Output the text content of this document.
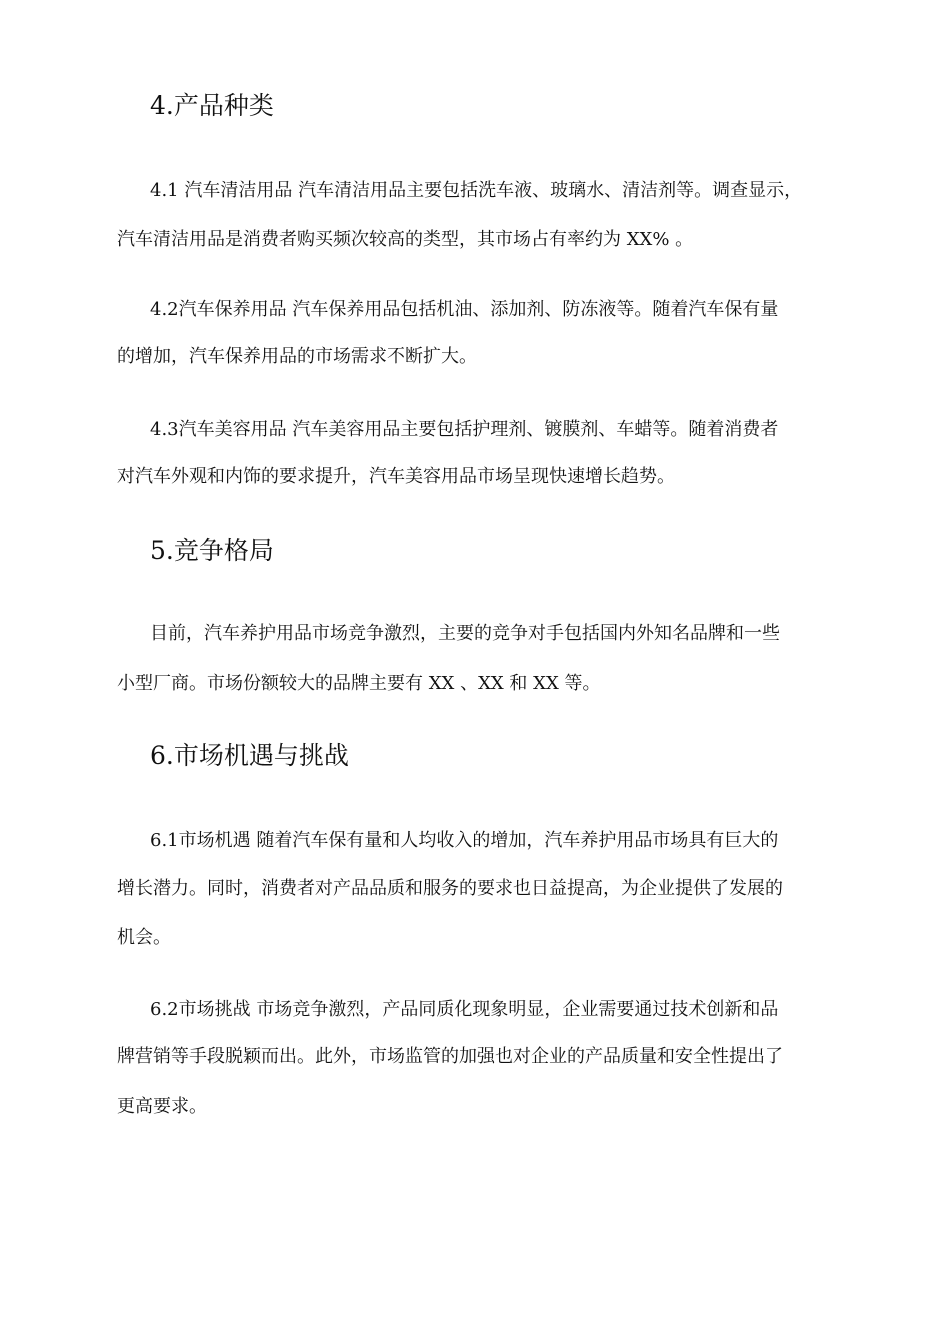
4.产品种类
4.1 汽车清洁用品 汽车清洁用品主要包括洗车液、玻璃水、清洁剂等。调查显示，
汽车清洁用品是消费者购买频次较高的类型，其市场占有率约为 XX% 。
4.2汽车保养用品 汽车保养用品包括机油、添加剂、防冻液等。随着汽车保有量
的增加，汽车保养用品的市场需求不断扩大。
4.3汽车美容用品 汽车美容用品主要包括护理剂、镀膜剂、车蜡等。随着消费者
对汽车外观和内饰的要求提升，汽车美容用品市场呈现快速增长趋势。
5.竞争格局
目前，汽车养护用品市场竞争激烈，主要的竞争对手包括国内外知名品牌和一些
小型厂商。市场份额较大的品牌主要有 XX 、XX 和 XX 等。
6.市场机遇与挑战
6.1市场机遇 随着汽车保有量和人均收入的增加，汽车养护用品市场具有巨大的
增长潜力。同时，消费者对产品品质和服务的要求也日益提高，为企业提供了发展的
机会。
6.2市场挑战 市场竞争激烈，产品同质化现象明显，企业需要通过技术创新和品
牌营销等手段脱颖而出。此外，市场监管的加强也对企业的产品质量和安全性提出了
更高要求。
